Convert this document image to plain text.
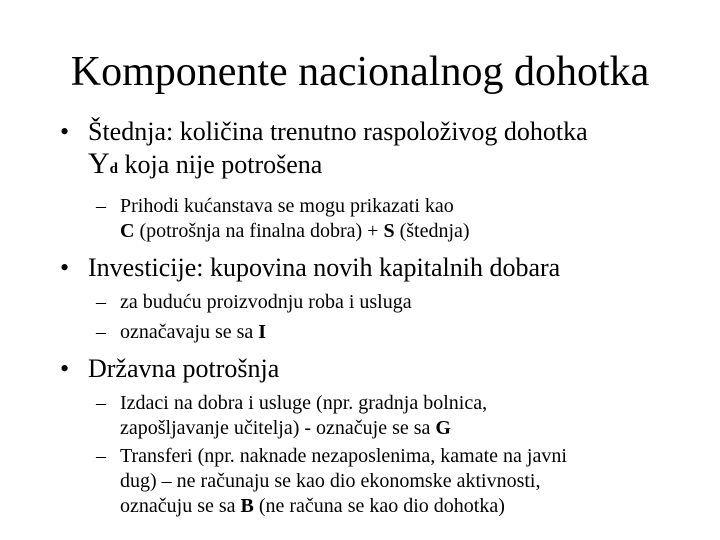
Komponente nacionalnog dohotka
• Štednja: količina trenutno raspoloživog dohotka
Yd koja nije potrošena
– Prihodi kućanstava se mogu prikazati kao
C (potrošnja na finalna dobra) + S (štednja)
• Investicije: kupovina novih kapitalnih dobara
– za buduću proizvodnju roba i usluga
– označavaju se sa I
• Državna potrošnja
– Izdaci na dobra i usluge (npr. gradnja bolnica,
zapošljavanje učitelja) - označuje se sa G
– Transferi (npr. naknade nezaposlenima, kamate na javni
dug) – ne računaju se kao dio ekonomske aktivnosti,
označuju se sa B (ne računa se kao dio dohotka)
